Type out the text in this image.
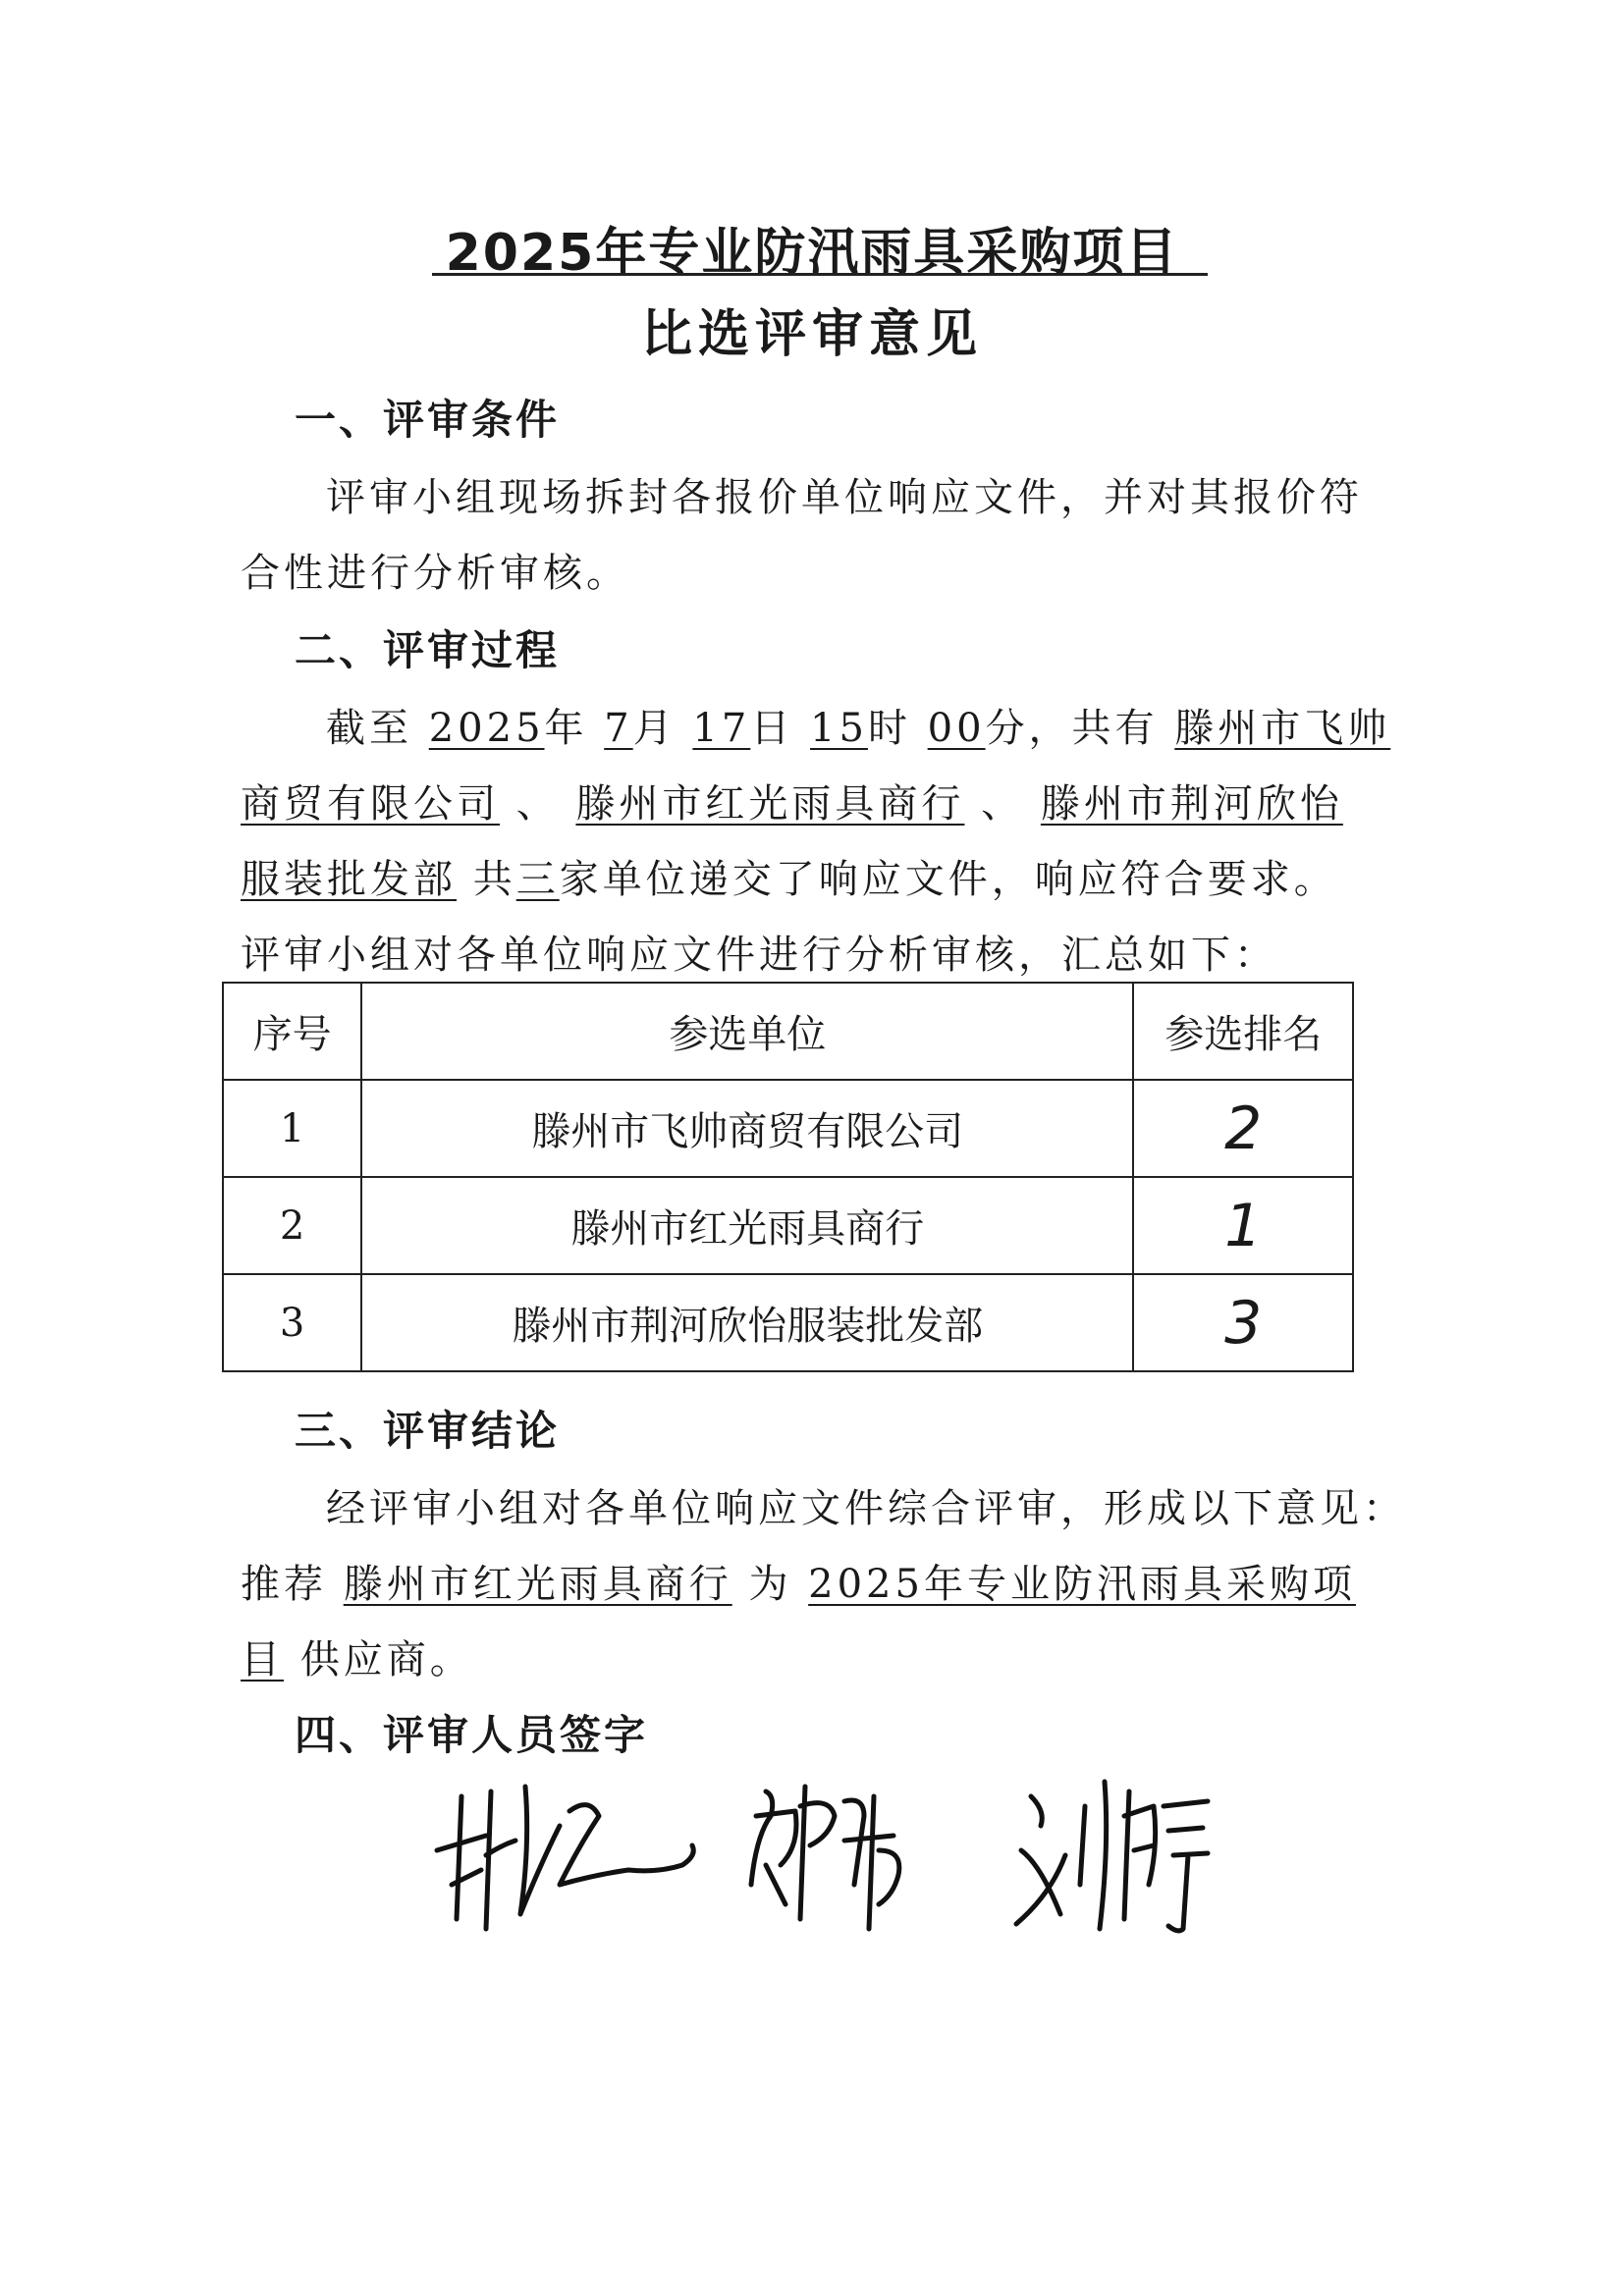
2025年专业防汛雨具采购项目
比选评审意见
一、评审条件
评审小组现场拆封各报价单位响应文件，并对其报价符
合性进行分析审核。
二、评审过程
截至 2025年 7月 17日 15时 00分，共有 滕州市飞帅
商贸有限公司 、 滕州市红光雨具商行 、 滕州市荆河欣怡
服装批发部 共三家单位递交了响应文件，响应符合要求。
评审小组对各单位响应文件进行分析审核，汇总如下：
序号	参选单位	参选排名
1	滕州市飞帅商贸有限公司	2
2	滕州市红光雨具商行	1
3	滕州市荆河欣怡服装批发部	3
三、评审结论
经评审小组对各单位响应文件综合评审，形成以下意见：
推荐 滕州市红光雨具商行 为 2025年专业防汛雨具采购项
目 供应商。
四、评审人员签字
